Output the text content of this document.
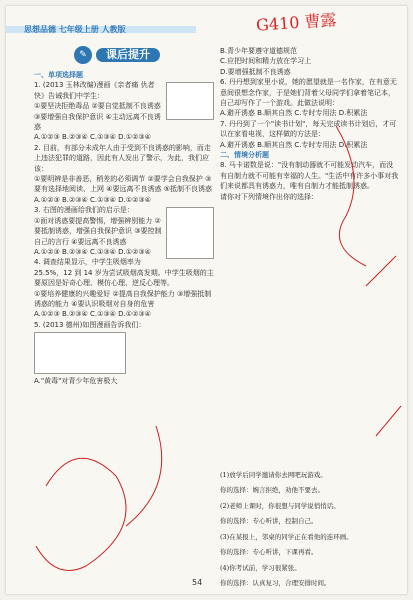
思想品德 七年级上册 人教版	G410 曹露
✎	课后提升

一、单项选择题

1. (2013 玉林改编)漫画《亲者痛 仇者快》告诫我们中学生：

①要坚决拒绝毒品 ②要自觉抵制不良诱惑 ③要增强自我保护意识 ④主动远离不良诱惑

A.①②③ B.②③④ C.①③④ D.①②③④

2. 目前，有部分未成年人由于受到不良诱惑的影响，而走上违法犯罪的道路，因此有人发出了警示，为此，我们应该：

①要明辨是非善恶，稍差的必须调节 ②要学会自我保护 ③要有选择地阅读、上网 ④要远离不良诱惑 ⑤抵制不良诱惑

A.①②③ B.②③④ C.①③④ D.①②③④

3. 右图的漫画给我们的启示是：

①面对诱惑要提高警惕，增强辨别能力 ②要抵制诱惑，增强自我保护意识 ③要控制自己的言行 ④要远离不良诱惑

A.①②③ B.②③④ C.①③④ D.①②③④

4. 调查结果显示，中学生吸烟率为 25.5%，12 到 14 岁为尝试吸烟高发期。中学生吸烟的主要原因是好奇心理、模仿心理、逆反心理等。

①要培养健康的兴趣爱好 ②提高自我保护能力 ③增强抵制诱惑的能力 ④要认识吸烟对自身的危害

A.①②③ B.②③④ C.①③④ D.①②③④

5. (2013 德州)如图漫画告诉我们：

A."黄毒"对青少年危害极大

B.青少年要遵守道德规范

C.应把时间和精力放在学习上

D.要增强抵制不良诱惑

6. 丹丹想到家里小说，她的愿望就是一名作家，在有意无意间很想念作家，于是她们背着父母同学们拿着笔记本，自己却写作了一个游戏。此做法说明：

A.避开诱惑 B.顺其自然 C.专时专用法 D.积累法

7. 丹丹到了一个"读书计划"，每天完成读书计划后，才可以在家看电视，这样做的方法是：

A.避开诱惑 B.顺其自然 C.专时专用法 D.积累法

二、情境分析题

8. 马卡诺数是说："没有制动器就不可能发动汽车，而没有自制力就不可能有幸福的人生。"生活中有许多小事对我们来说都具有诱惑力，唯有自制力才能抵制诱惑。

请你对下列情境作出你的选择：

(1)放学后同学邀请你去网吧玩游戏。

你的选择：婉言拒绝，劝他不要去。

(2)老师上课时，你很想与同学说悄悄话。

你的选择：专心听讲，控制自己。

(3)在某报上，邻桌的同学正在看他的连环画。

你的选择：专心听讲，下课再看。

(4)你考试前，学习很紧张。

你的选择：认真复习，合理安排时间。

54
